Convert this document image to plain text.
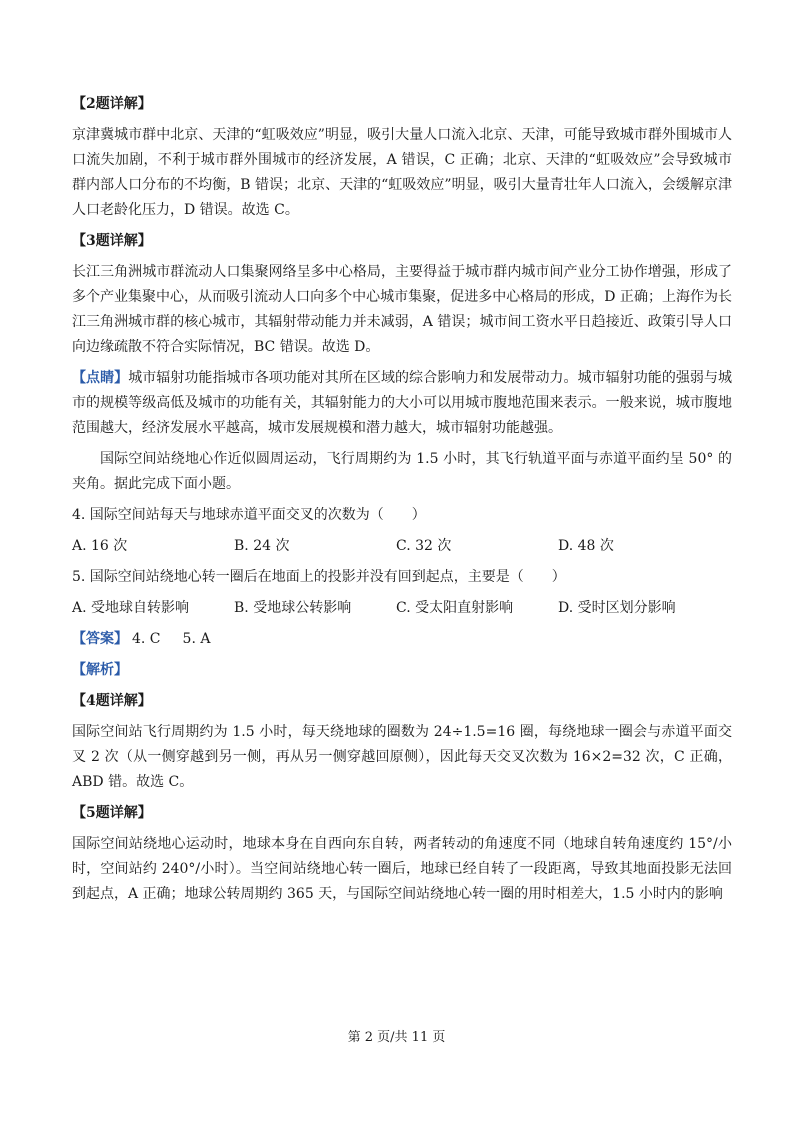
【2题详解】

京津冀城市群中北京、天津的“虹吸效应”明显，吸引大量人口流入北京、天津，可能导致城市群外围城市人口流失加剧，不利于城市群外围城市的经济发展，A 错误，C 正确；北京、天津的“虹吸效应”会导致城市群内部人口分布的不均衡，B 错误；北京、天津的“虹吸效应”明显，吸引大量青壮年人口流入，会缓解京津人口老龄化压力，D 错误。故选 C。

【3题详解】

长江三角洲城市群流动人口集聚网络呈多中心格局，主要得益于城市群内城市间产业分工协作增强，形成了多个产业集聚中心，从而吸引流动人口向多个中心城市集聚，促进多中心格局的形成，D 正确；上海作为长江三角洲城市群的核心城市，其辐射带动能力并未减弱，A 错误；城市间工资水平日趋接近、政策引导人口向边缘疏散不符合实际情况，BC 错误。故选 D。

【点睛】城市辐射功能指城市各项功能对其所在区域的综合影响力和发展带动力。城市辐射功能的强弱与城市的规模等级高低及城市的功能有关，其辐射能力的大小可以用城市腹地范围来表示。一般来说，城市腹地范围越大，经济发展水平越高，城市发展规模和潜力越大，城市辐射功能越强。

国际空间站绕地心作近似圆周运动，飞行周期约为 1.5 小时，其飞行轨道平面与赤道平面约呈 50° 的夹角。据此完成下面小题。

4. 国际空间站每天与地球赤道平面交叉的次数为（　　）

A. 16 次	B. 24 次	C. 32 次	D. 48 次

5. 国际空间站绕地心转一圈后在地面上的投影并没有回到起点，主要是（　　）

A. 受地球自转影响	B. 受地球公转影响	C. 受太阳直射影响	D. 受时区划分影响
【答案】 4. C 5. A
【解析】
【4题详解】

国际空间站飞行周期约为 1.5 小时，每天绕地球的圈数为 24÷1.5=16 圈，每绕地球一圈会与赤道平面交叉 2 次（从一侧穿越到另一侧，再从另一侧穿越回原侧），因此每天交叉次数为 16×2=32 次，C 正确，ABD 错。故选 C。

【5题详解】

国际空间站绕地心运动时，地球本身在自西向东自转，两者转动的角速度不同（地球自转角速度约 15°/小时，空间站约 240°/小时）。当空间站绕地心转一圈后，地球已经自转了一段距离，导致其地面投影无法回到起点，A 正确；地球公转周期约 365 天，与国际空间站绕地心转一圈的用时相差大，1.5 小时内的影响

第 2 页/共 11 页
